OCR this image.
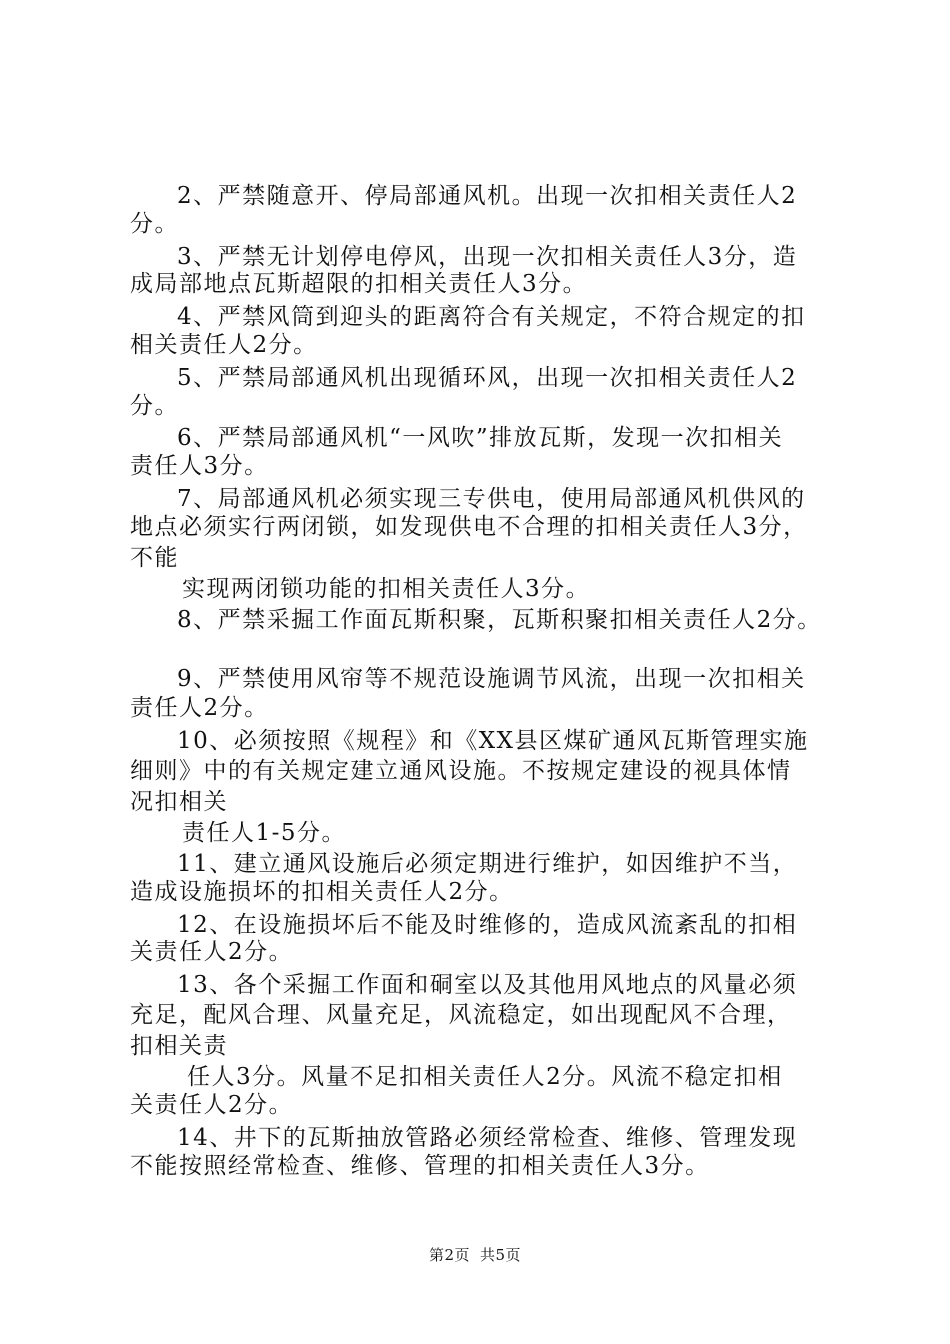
2、严禁随意开、停局部通风机。出现一次扣相关责任人2
分。
3、严禁无计划停电停风，出现一次扣相关责任人3分，造
成局部地点瓦斯超限的扣相关责任人3分。
4、严禁风筒到迎头的距离符合有关规定，不符合规定的扣
相关责任人2分。
5、严禁局部通风机出现循环风，出现一次扣相关责任人2
分。
6、严禁局部通风机“一风吹”排放瓦斯，发现一次扣相关
责任人3分。
7、局部通风机必须实现三专供电，使用局部通风机供风的
地点必须实行两闭锁，如发现供电不合理的扣相关责任人3分，
不能
实现两闭锁功能的扣相关责任人3分。
8、严禁采掘工作面瓦斯积聚，瓦斯积聚扣相关责任人2分。
9、严禁使用风帘等不规范设施调节风流，出现一次扣相关
责任人2分。
10、必须按照《规程》和《XX县区煤矿通风瓦斯管理实施
细则》中的有关规定建立通风设施。不按规定建设的视具体情
况扣相关
责任人1-5分。
11、建立通风设施后必须定期进行维护，如因维护不当，
造成设施损坏的扣相关责任人2分。
12、在设施损坏后不能及时维修的，造成风流紊乱的扣相
关责任人2分。
13、各个采掘工作面和硐室以及其他用风地点的风量必须
充足，配风合理、风量充足，风流稳定，如出现配风不合理，
扣相关责
任人3分。风量不足扣相关责任人2分。风流不稳定扣相
关责任人2分。
14、井下的瓦斯抽放管路必须经常检查、维修、管理发现
不能按照经常检查、维修、管理的扣相关责任人3分。
第2页 共5页
